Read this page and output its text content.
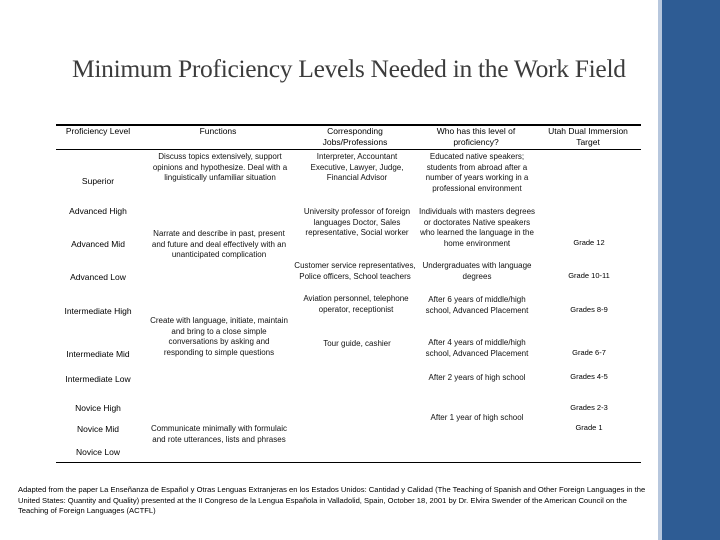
Minimum Proficiency Levels Needed in the Work Field
Proficiency Level	Functions	Corresponding Jobs/Professions
Who has this level of proficiency?
Utah Dual Immersion Target
Superior
Advanced High
Advanced Mid
Advanced Low
Intermediate High
Intermediate Mid
Intermediate Low
Novice High
Novice Mid
Novice Low
Discuss topics extensively, support opinions and hypothesize. Deal with a linguistically unfamiliar situation
Narrate and describe in past, present and future and deal effectively with an unanticipated complication
Create with language, initiate, maintain and bring to a close simple conversations by asking and responding to simple questions
Communicate minimally with formulaic and rote utterances, lists and phrases
Interpreter, Accountant Executive, Lawyer, Judge, Financial Advisor
University professor of foreign languages Doctor, Sales representative, Social worker
Customer service representatives, Police officers, School teachers
Aviation personnel, telephone operator, receptionist
Tour guide, cashier
Educated native speakers; students from abroad after a number of years working in a professional environment
Individuals with masters degrees or doctorates Native speakers who learned the language in the home environment
Undergraduates with language degrees
After 6 years of middle/high school, Advanced Placement
After 4 years of middle/high school, Advanced Placement
After 2 years of high school
After 1 year of high school
Grade 12
Grade 10-11
Grades 8-9
Grade 6-7
Grades 4-5
Grades 2-3
Grade 1
Adapted from the paper La Enseñanza de Español y Otras Lenguas Extranjeras en los Estados Unidos: Cantidad y Calidad (The Teaching of Spanish and Other Foreign Languages in the United States: Quantity and Quality) presented at the II Congreso de la Lengua Española in Valladolid, Spain, October 18, 2001 by Dr. Elvira Swender of the American Council on the Teaching of Foreign Languages (ACTFL)
